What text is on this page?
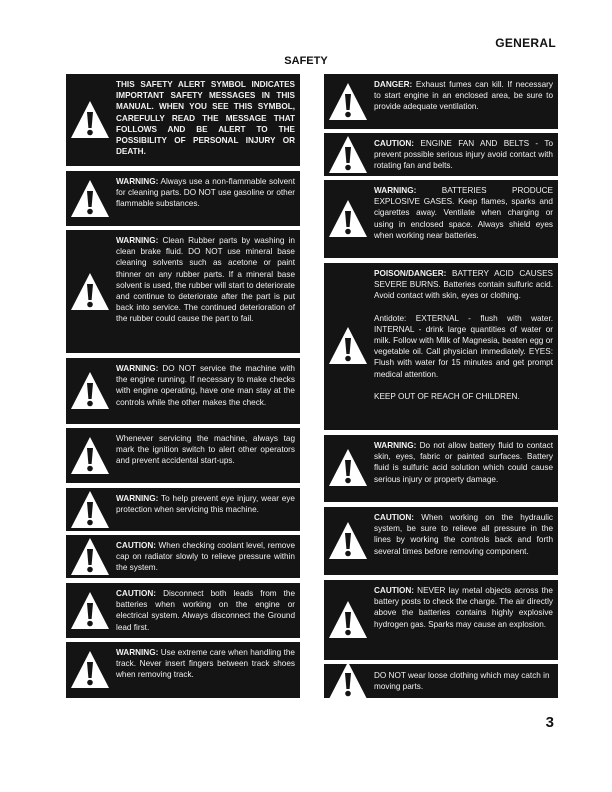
GENERAL
SAFETY
THIS SAFETY ALERT SYMBOL INDICATES IMPORTANT SAFETY MESSAGES IN THIS MANUAL. WHEN YOU SEE THIS SYMBOL, CAREFULLY READ THE MESSAGE THAT FOLLOWS AND BE ALERT TO THE POSSIBILITY OF PERSONAL INJURY OR DEATH.
WARNING: Always use a non-flammable solvent for cleaning parts. DO NOT use gasoline or other flammable substances.
WARNING: Clean Rubber parts by washing in clean brake fluid. DO NOT use mineral base cleaning solvents such as acetone or paint thinner on any rubber parts. If a mineral base solvent is used, the rubber will start to deteriorate and continue to deteriorate after the part is put back into service. The continued deterioration of the rubber could cause the part to fail.
WARNING: DO NOT service the machine with the engine running. If necessary to make checks with engine operating, have one man stay at the controls while the other makes the check.
Whenever servicing the machine, always tag mark the ignition switch to alert other operators and prevent accidental start-ups.
WARNING: To help prevent eye injury, wear eye protection when servicing this machine.
CAUTION: When checking coolant level, remove cap on radiator slowly to relieve pressure within the system.
CAUTION: Disconnect both leads from the batteries when working on the engine or electrical system. Always disconnect the Ground lead first.
WARNING: Use extreme care when handling the track. Never insert fingers between track shoes when removing track.
DANGER: Exhaust fumes can kill. If necessary to start engine in an enclosed area, be sure to provide adequate ventilation.
CAUTION: ENGINE FAN AND BELTS - To prevent possible serious injury avoid contact with rotating fan and belts.
WARNING:	BATTERIES PRODUCE EXPLOSIVE GASES. Keep flames, sparks and cigarettes away. Ventilate when charging or using in enclosed space. Always shield eyes when working near batteries.
POISON/DANGER: BATTERY ACID CAUSES SEVERE BURNS. Batteries contain sulfuric acid. Avoid contact with skin, eyes or clothing.
Antidote: EXTERNAL - flush with water. INTERNAL - drink large quantities of water or milk. Follow with Milk of Magnesia, beaten egg or vegetable oil. Call physician immediately. EYES: Flush with water for 15 minutes and get prompt medical attention.
KEEP OUT OF REACH OF CHILDREN.
WARNING: Do not allow battery fluid to contact skin, eyes, fabric or painted surfaces. Battery fluid is sulfuric acid solution which could cause serious injury or property damage.
CAUTION: When working on the hydraulic system, be sure to relieve all pressure in the lines by working the controls back and forth several times before removing component.
CAUTION: NEVER lay metal objects across the battery posts to check the charge. The air directly above the batteries contains highly explosive hydrogen gas. Sparks may cause an explosion.
DO NOT wear loose clothing which may catch in moving parts.
3
